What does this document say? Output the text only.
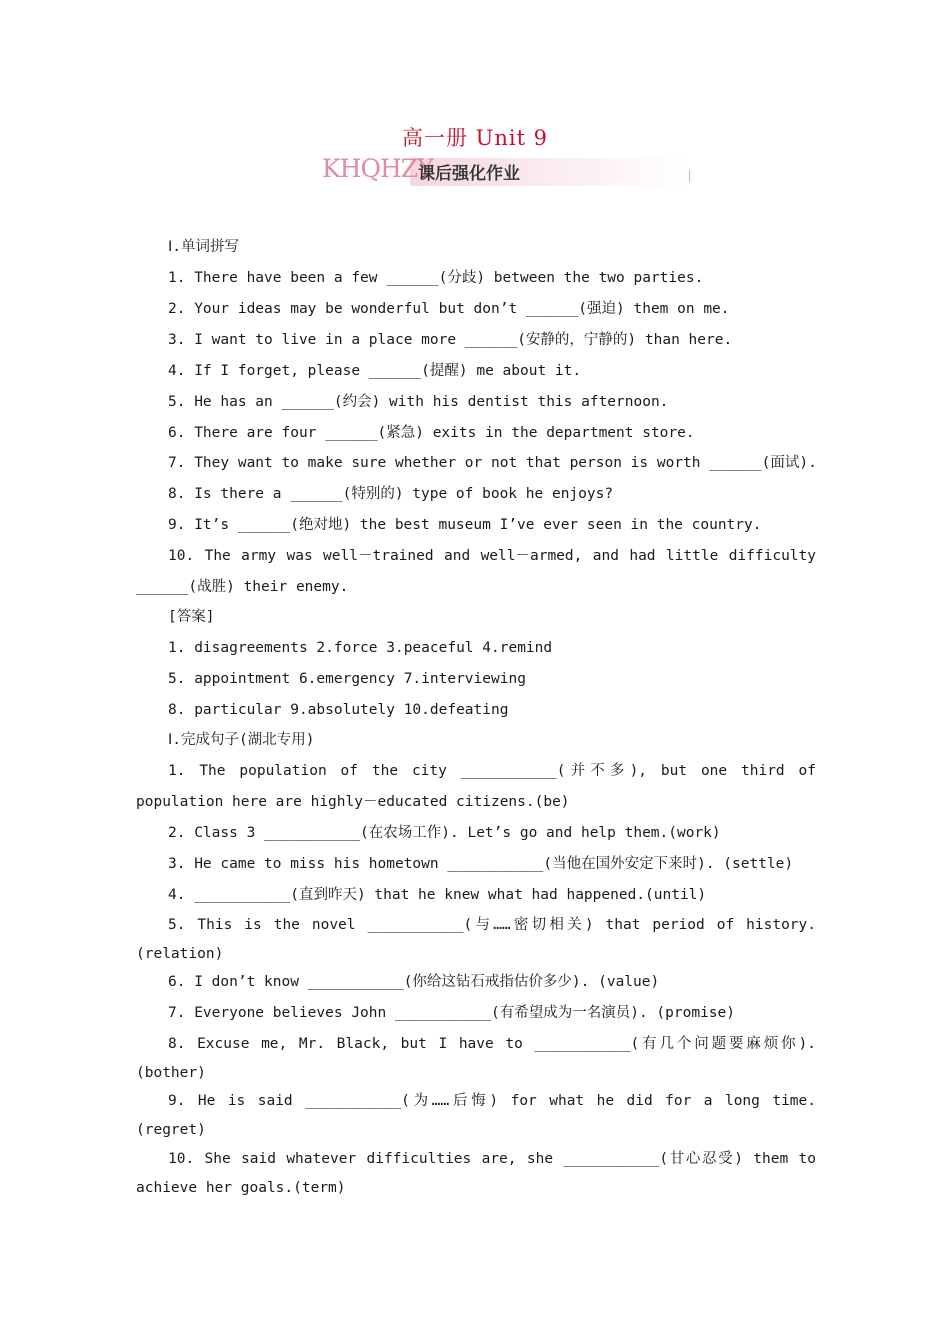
高一册 Unit 9
KHQHZY
课后强化作业
Ⅰ.单词拼写
1. There have been a few ______(分歧) between the two parties.
2. Your ideas may be wonderful but don’t ______(强迫) them on me.
3. I want to live in a place more ______(安静的，宁静的) than here.
4. If I forget, please ______(提醒) me about it.
5. He has an ______(约会) with his dentist this afternoon.
6. There are four ______(紧急) exits in the department store.
7. They want to make sure whether or not that person is worth ______(面试).
8. Is there a ______(特别的) type of book he enjoys?
9. It’s ______(绝对地) the best museum I’ve ever seen in the country.
10. The army was well－trained and well－armed, and had little difficulty
______(战胜) their enemy.
[答案]
1. disagreements 2.force 3.peaceful 4.remind
5. appointment 6.emergency 7.interviewing
8. particular 9.absolutely 10.defeating
Ⅰ.完成句子(湖北专用)
1. The population of the city ___________(并不多), but one third of
population here are highly－educated citizens.(be)
2. Class 3 ___________(在农场工作). Let’s go and help them.(work)
3. He came to miss his hometown ___________(当他在国外安定下来时). (settle)
4. ___________(直到昨天) that he knew what had happened.(until)
5. This is the novel ___________(与……密切相关) that period of history.
(relation)
6. I don’t know ___________(你给这钻石戒指估价多少). (value)
7. Everyone believes John ___________(有希望成为一名演员). (promise)
8. Excuse me, Mr. Black, but I have to ___________(有几个问题要麻烦你).
(bother)
9. He is said ___________(为……后悔) for what he did for a long time.
(regret)
10. She said whatever difficulties are, she ___________(甘心忍受) them to
achieve her goals.(term)
